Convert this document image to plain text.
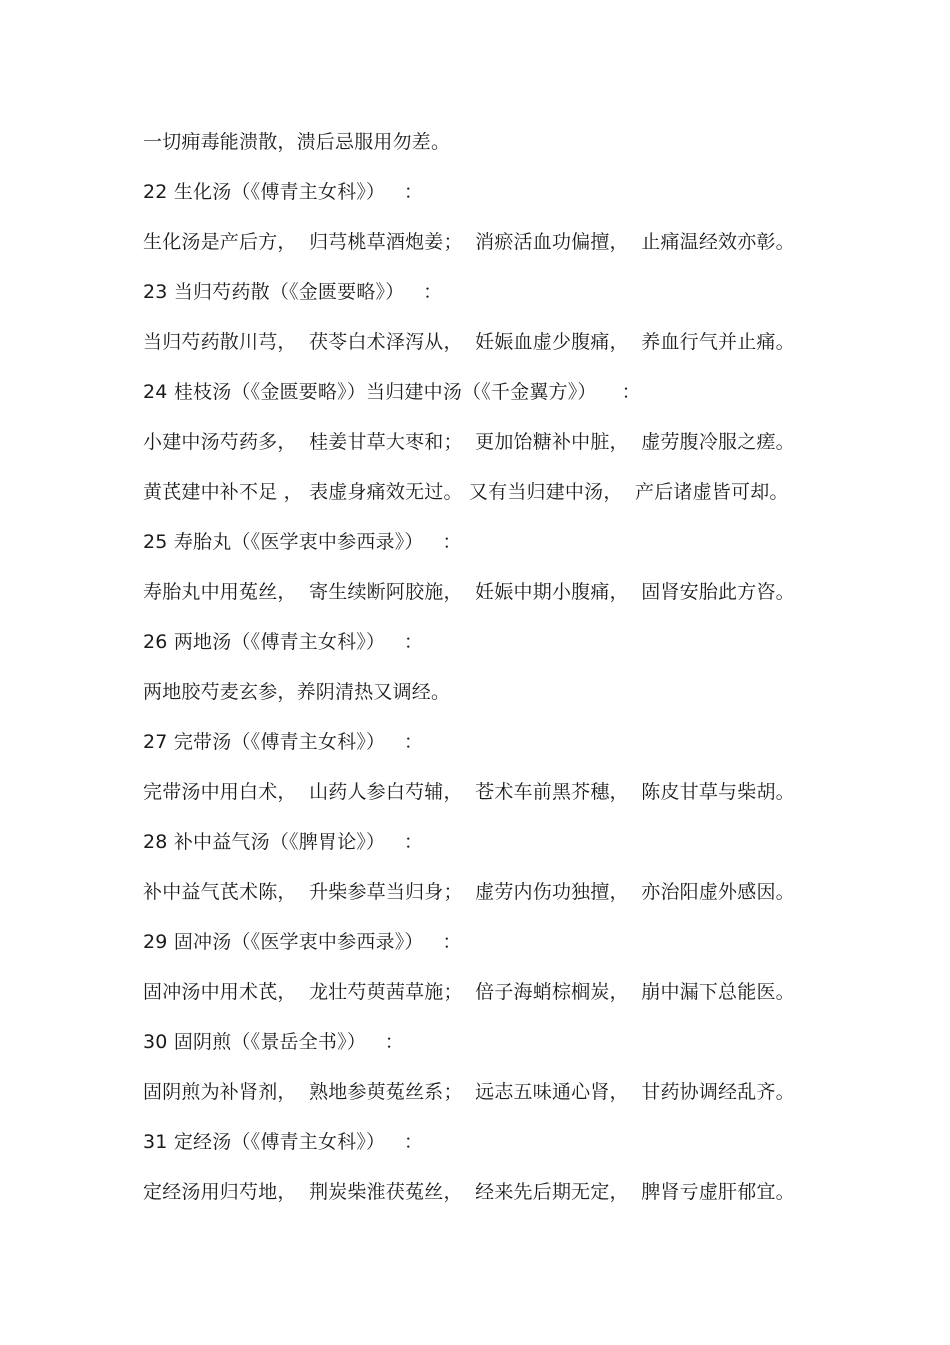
一切痈毒能溃散，溃后忌服用勿差。
22 生化汤（《傅青主女科》）   ：
生化汤是产后方，  归芎桃草酒炮姜；  消瘀活血功偏擅，  止痛温经效亦彰。
23 当归芍药散（《金匮要略》）   ：
当归芍药散川芎，  茯苓白术泽泻从，  妊娠血虚少腹痛，  养血行气并止痛。
24 桂枝汤（《金匮要略》）当归建中汤（《千金翼方》）    ：
小建中汤芍药多，  桂姜甘草大枣和；  更加饴糖补中脏，  虚劳腹冷服之瘥。
黄芪建中补不足 ， 表虚身痛效无过。 又有当归建中汤，  产后诸虚皆可却。
25 寿胎丸（《医学衷中参西录》）   ：
寿胎丸中用菟丝，  寄生续断阿胶施，  妊娠中期小腹痛，  固肾安胎此方咨。
26 两地汤（《傅青主女科》）   ：
两地胶芍麦玄参，养阴清热又调经。
27 完带汤（《傅青主女科》）   ：
完带汤中用白术，  山药人参白芍辅，  苍术车前黑芥穗，  陈皮甘草与柴胡。
28 补中益气汤（《脾胃论》）   ：
补中益气芪术陈，  升柴参草当归身；  虚劳内伤功独擅，  亦治阳虚外感因。
29 固冲汤（《医学衷中参西录》）   ：
固冲汤中用术芪，  龙壮芍萸茜草施；  倍子海蛸棕榈炭，  崩中漏下总能医。
30 固阴煎（《景岳全书》）   ：
固阴煎为补肾剂，  熟地参萸菟丝系；  远志五味通心肾，  甘药协调经乱齐。
31 定经汤（《傅青主女科》）   ：
定经汤用归芍地，  荆炭柴淮茯菟丝，  经来先后期无定，  脾肾亏虚肝郁宜。
